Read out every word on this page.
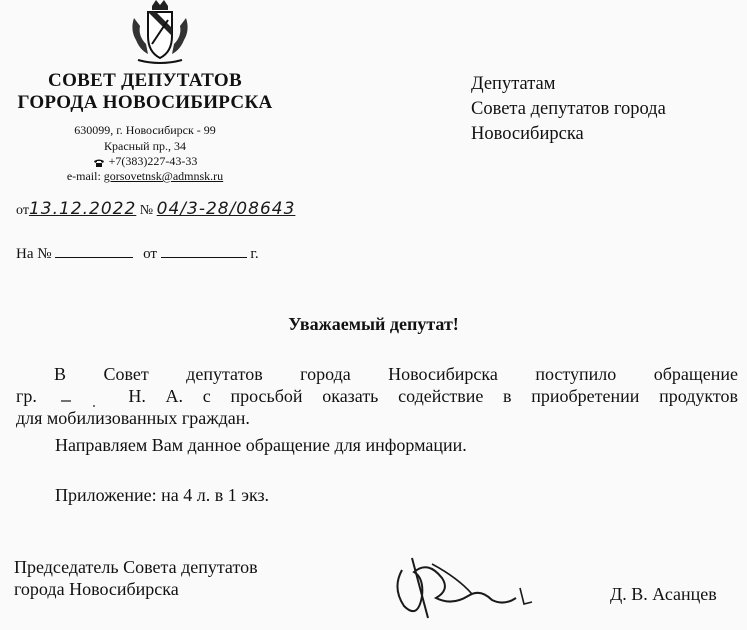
СОВЕТ ДЕПУТАТОВ
ГОРОДА НОВОСИБИРСКА
630099, г. Новосибирск - 99
Красный пр., 34
+7(383)227-43-33
e-mail: gorsovetnsk@admnsk.ru
от13.12.2022 № 04/3-28/08643
На №	от	г.
Депутатам
Совета депутатов города
Новосибирска
Уважаемый депутат!
В Совет депутатов города Новосибирска поступило обращение
гр.	Н. А. с просьбой оказать содействие в приобретении продуктов
для мобилизованных граждан.
Направляем Вам данное обращение для информации.
Приложение: на 4 л. в 1 экз.
Председатель Совета депутатов
города Новосибирска	Д. В. Асанцев
